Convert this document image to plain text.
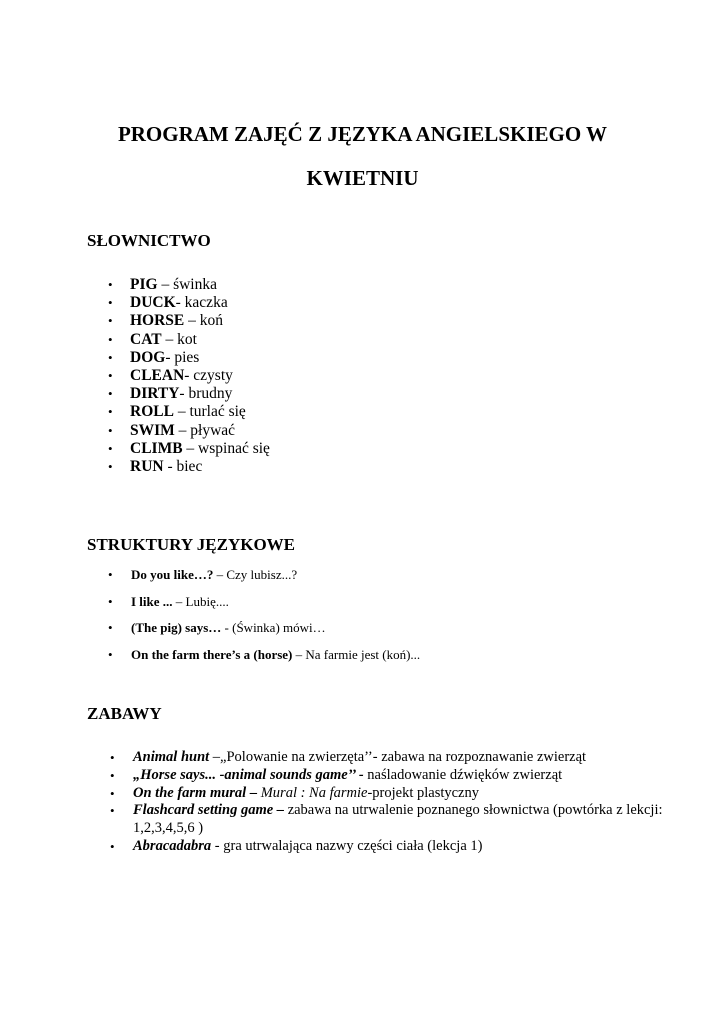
PROGRAM ZAJĘĆ Z JĘZYKA ANGIELSKIEGO W
KWIETNIU
SŁOWNICTWO
• PIG – świnka
• DUCK- kaczka
• HORSE – koń
• CAT – kot
• DOG- pies
• CLEAN- czysty
• DIRTY- brudny
• ROLL – turlać się
• SWIM – pływać
• CLIMB – wspinać się
• RUN - biec
STRUKTURY JĘZYKOWE
• Do you like…? – Czy lubisz...?
• I like ... – Lubię....
• (The pig) says… - (Świnka) mówi…
• On the farm there’s a (horse) – Na farmie jest (koń)...
ZABAWY
• Animal hunt –„Polowanie na zwierzęta’’- zabawa na rozpoznawanie zwierząt
• „Horse says... -animal sounds game’’ - naśladowanie dźwięków zwierząt
• On the farm mural – Mural : Na farmie-projekt plastyczny
• Flashcard setting game – zabawa na utrwalenie poznanego słownictwa (powtórka z lekcji: 1,2,3,4,5,6 )
• Abracadabra - gra utrwalająca nazwy części ciała (lekcja 1)
